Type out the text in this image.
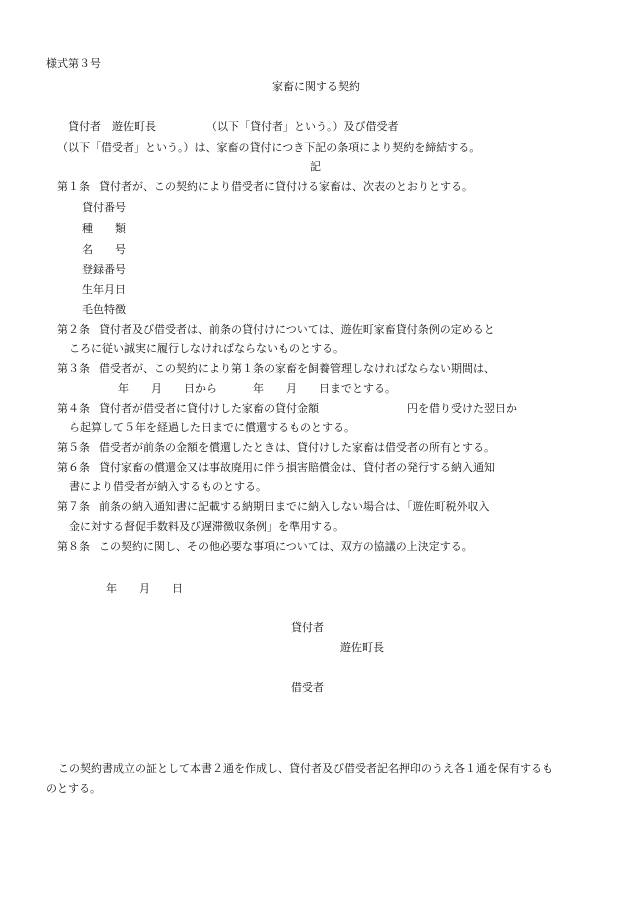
様式第３号

家畜に関する契約

貸付者 遊佐町長	（以下「貸付者」という。）及び借受者

（以下「借受者」という。）は、家畜の貸付につき下記の条項により契約を締結する。

記

第１条 貸付者が、この契約により借受者に貸付ける家畜は、次表のとおりとする。

貸付番号

種　　類

名　　号

登録番号

生年月日

毛色特徴

第２条 貸付者及び借受者は、前条の貸付けについては、遊佐町家畜貸付条例の定めると

ころに従い誠実に履行しなければならないものとする。

第３条 借受者が、この契約により第１条の家畜を飼養管理しなければならない期間は、

年 月 日から	年 月 日までとする。

第４条 貸付者が借受者に貸付けした家畜の貸付金額	円を借り受けた翌日か

ら起算して５年を経過した日までに償還するものとする。

第５条 借受者が前条の金額を償還したときは、貸付けした家畜は借受者の所有とする。

第６条 貸付家畜の償還金又は事故廃用に伴う損害賠償金は、貸付者の発行する納入通知

書により借受者が納入するものとする。

第７条 前条の納入通知書に記載する納期日までに納入しない場合は、「遊佐町税外収入

金に対する督促手数料及び遅滞徴収条例」を準用する。

第８条 この契約に関し、その他必要な事項については、双方の協議の上決定する。

年 月 日

貸付者

遊佐町長

借受者

この契約書成立の証として本書２通を作成し、貸付者及び借受者記名押印のうえ各１通を保有するも

のとする。
